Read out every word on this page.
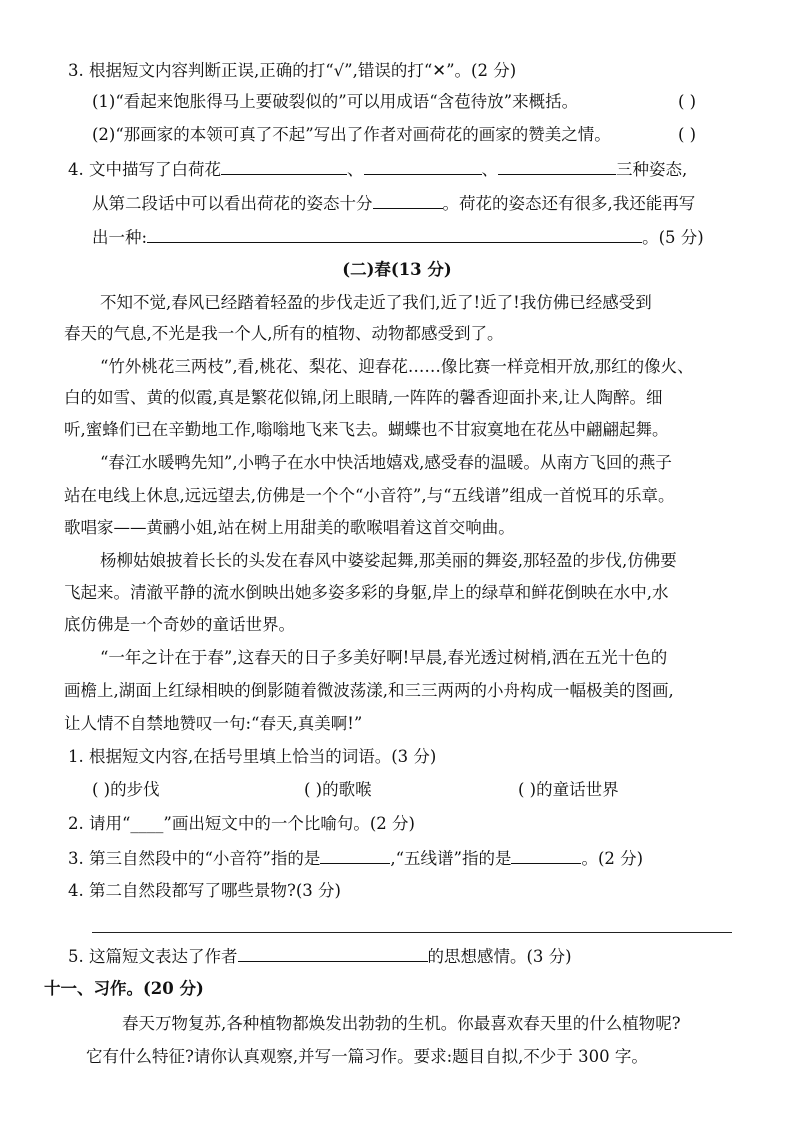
3. 根据短文内容判断正误,正确的打“√”,错误的打“✕”。(2 分)
(1)“看起来饱胀得马上要破裂似的”可以用成语“含苞待放”来概括。	( )
(2)“那画家的本领可真了不起”写出了作者对画荷花的画家的赞美之情。	( )
4. 文中描写了白荷花	、	、	三种姿态,
从第二段话中可以看出荷花的姿态十分	。荷花的姿态还有很多,我还能再写
出一种:	。(5 分)
(二)春(13 分)
不知不觉,春风已经踏着轻盈的步伐走近了我们,近了!近了!我仿佛已经感受到
春天的气息,不光是我一个人,所有的植物、动物都感受到了。
“竹外桃花三两枝”,看,桃花、梨花、迎春花……像比赛一样竞相开放,那红的像火、
白的如雪、黄的似霞,真是繁花似锦,闭上眼睛,一阵阵的馨香迎面扑来,让人陶醉。细
听,蜜蜂们已在辛勤地工作,嗡嗡地飞来飞去。蝴蝶也不甘寂寞地在花丛中翩翩起舞。
“春江水暖鸭先知”,小鸭子在水中快活地嬉戏,感受春的温暖。从南方飞回的燕子
站在电线上休息,远远望去,仿佛是一个个“小音符”,与“五线谱”组成一首悦耳的乐章。
歌唱家——黄鹂小姐,站在树上用甜美的歌喉唱着这首交响曲。
杨柳姑娘披着长长的头发在春风中婆娑起舞,那美丽的舞姿,那轻盈的步伐,仿佛要
飞起来。清澈平静的流水倒映出她多姿多彩的身躯,岸上的绿草和鲜花倒映在水中,水
底仿佛是一个奇妙的童话世界。
“一年之计在于春”,这春天的日子多美好啊!早晨,春光透过树梢,洒在五光十色的
画檐上,湖面上红绿相映的倒影随着微波荡漾,和三三两两的小舟构成一幅极美的图画,
让人情不自禁地赞叹一句:“春天,真美啊!”
1. 根据短文内容,在括号里填上恰当的词语。(3 分)
( )的步伐	( )的歌喉	( )的童话世界
2. 请用“____”画出短文中的一个比喻句。(2 分)
3. 第三自然段中的“小音符”指的是	,“五线谱”指的是	。(2 分)
4. 第二自然段都写了哪些景物?(3 分)
5. 这篇短文表达了作者	的思想感情。(3 分)
十一、习作。(20 分)
春天万物复苏,各种植物都焕发出勃勃的生机。你最喜欢春天里的什么植物呢?
它有什么特征?请你认真观察,并写一篇习作。要求:题目自拟,不少于 300 字。
